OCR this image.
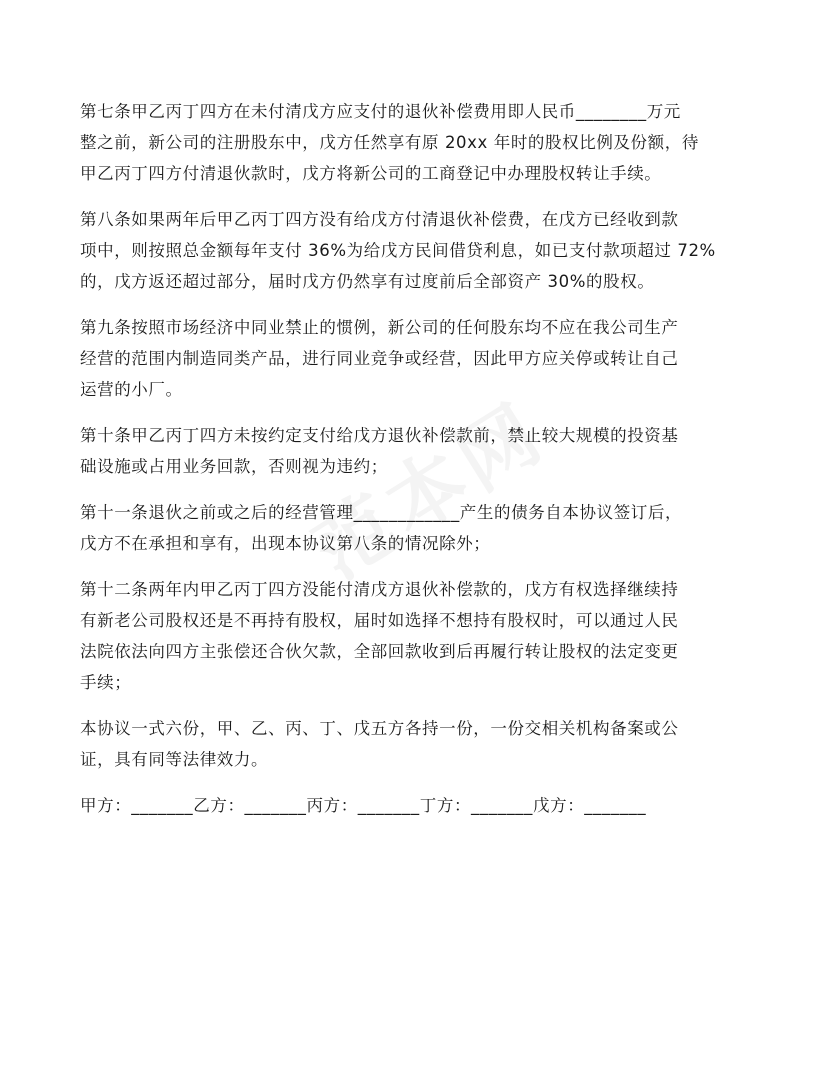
第七条甲乙丙丁四方在未付清戊方应支付的退伙补偿费用即人民币________万元
整之前，新公司的注册股东中，戊方任然享有原 20xx 年时的股权比例及份额，待
甲乙丙丁四方付清退伙款时，戊方将新公司的工商登记中办理股权转让手续。

第八条如果两年后甲乙丙丁四方没有给戊方付清退伙补偿费，在戊方已经收到款
项中，则按照总金额每年支付 36%为给戊方民间借贷利息，如已支付款项超过 72%
的，戊方返还超过部分，届时戊方仍然享有过度前后全部资产 30%的股权。

第九条按照市场经济中同业禁止的惯例，新公司的任何股东均不应在我公司生产
经营的范围内制造同类产品，进行同业竞争或经营，因此甲方应关停或转让自己
运营的小厂。

第十条甲乙丙丁四方未按约定支付给戊方退伙补偿款前，禁止较大规模的投资基
础设施或占用业务回款，否则视为违约；

第十一条退伙之前或之后的经营管理____________产生的债务自本协议签订后，
戊方不在承担和享有，出现本协议第八条的情况除外；

第十二条两年内甲乙丙丁四方没能付清戊方退伙补偿款的，戊方有权选择继续持
有新老公司股权还是不再持有股权，届时如选择不想持有股权时，可以通过人民
法院依法向四方主张偿还合伙欠款，全部回款收到后再履行转让股权的法定变更
手续；

本协议一式六份，甲、乙、丙、丁、戊五方各持一份，一份交相关机构备案或公
证，具有同等法律效力。

甲方：_______乙方：_______丙方：_______丁方：_______戊方：_______
